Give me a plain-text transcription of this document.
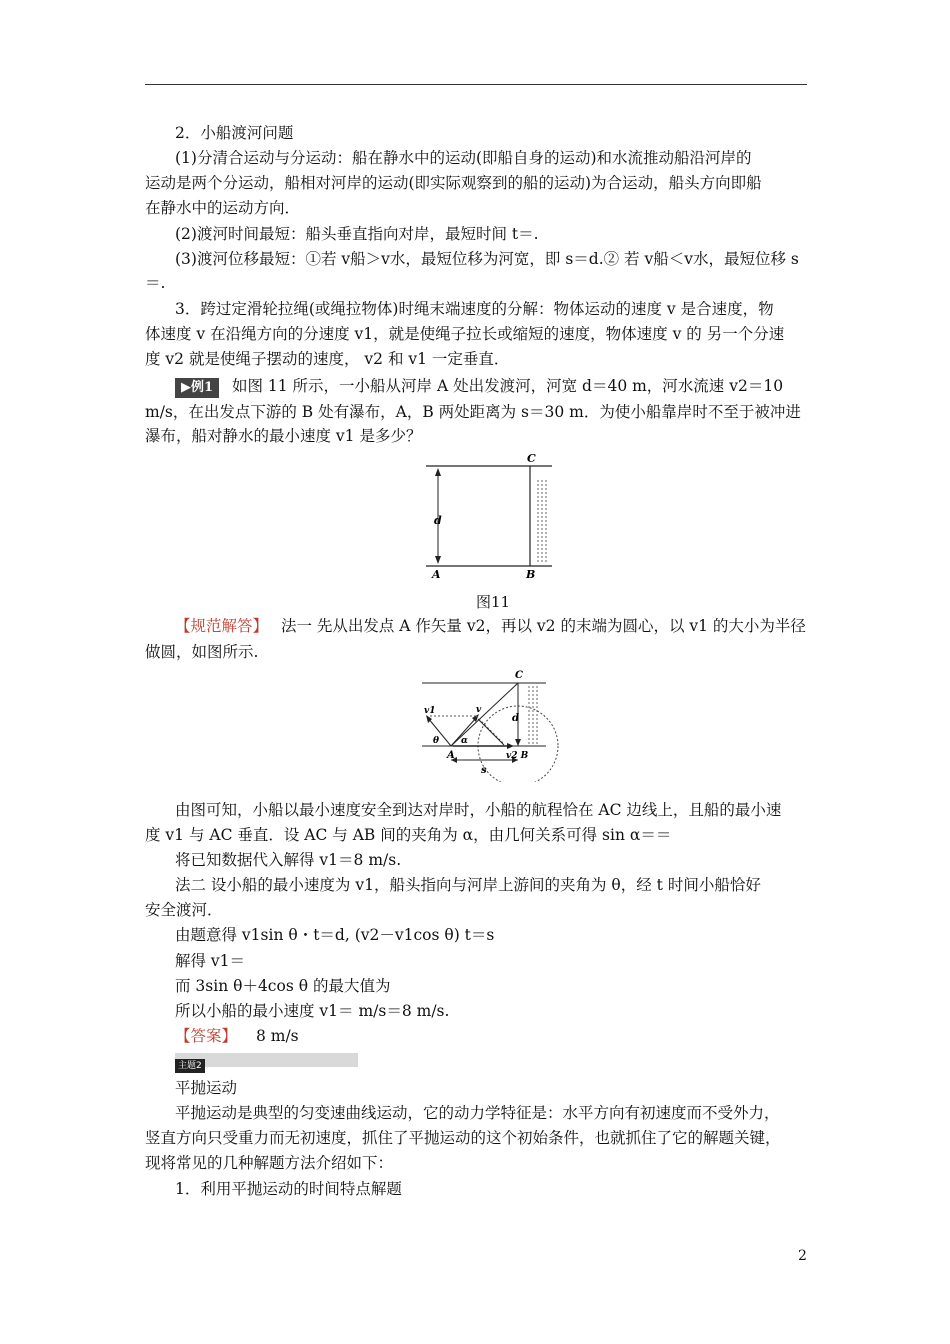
2．小船渡河问题
(1)分清合运动与分运动：船在静水中的运动(即船自身的运动)和水流推动船沿河岸的
运动是两个分运动，船相对河岸的运动(即实际观察到的船的运动)为合运动，船头方向即船
在静水中的运动方向．
(2)渡河时间最短：船头垂直指向对岸，最短时间 t＝.
(3)渡河位移最短：①若 v船＞v水，最短位移为河宽，即 s＝d.② 若 v船＜v水，最短位移 s
＝.
3．跨过定滑轮拉绳(或绳拉物体)时绳末端速度的分解：物体运动的速度 v 是合速度，物
体速度 v 在沿绳方向的分速度 v1，就是使绳子拉长或缩短的速度，物体速度 v 的 另一个分速
度 v2 就是使绳子摆动的速度， v2 和 v1 一定垂直．
▶例1 如图 11 所示，一小船从河岸 A 处出发渡河，河宽 d＝40 m，河水流速 v2＝10
m/s，在出发点下游的 B 处有瀑布，A，B 两处距离为 s＝30 m．为使小船靠岸时不至于被冲进
瀑布，船对静水的最小速度 v1 是多少？
C
d
A	B
图11
【规范解答】 法一 先从出发点 A 作矢量 v2，再以 v2 的末端为圆心，以 v1 的大小为半径
做圆，如图所示.
C
v1	v
d
θ α
A	v2 B
s
由图可知，小船以最小速度安全到达对岸时，小船的航程恰在 AC 边线上，且船的最小速
度 v1 与 AC 垂直．设 AC 与 AB 间的夹角为 α，由几何关系可得 sin α＝＝
将已知数据代入解得 v1＝8 m/s.
法二 设小船的最小速度为 v1，船头指向与河岸上游间的夹角为 θ，经 t 时间小船恰好
安全渡河．
由题意得 v1sin θ・t＝d, (v2－v1cos θ) t＝s
解得 v1＝
而 3sin θ＋4cos θ 的最大值为
所以小船的最小速度 v1＝ m/s＝8 m/s.
【答案】 8 m/s
主题2
平抛运动
平抛运动是典型的匀变速曲线运动，它的动力学特征是：水平方向有初速度而不受外力，
竖直方向只受重力而无初速度，抓住了平抛运动的这个初始条件，也就抓住了它的解题关键，
现将常见的几种解题方法介绍如下：
1．利用平抛运动的时间特点解题
2
